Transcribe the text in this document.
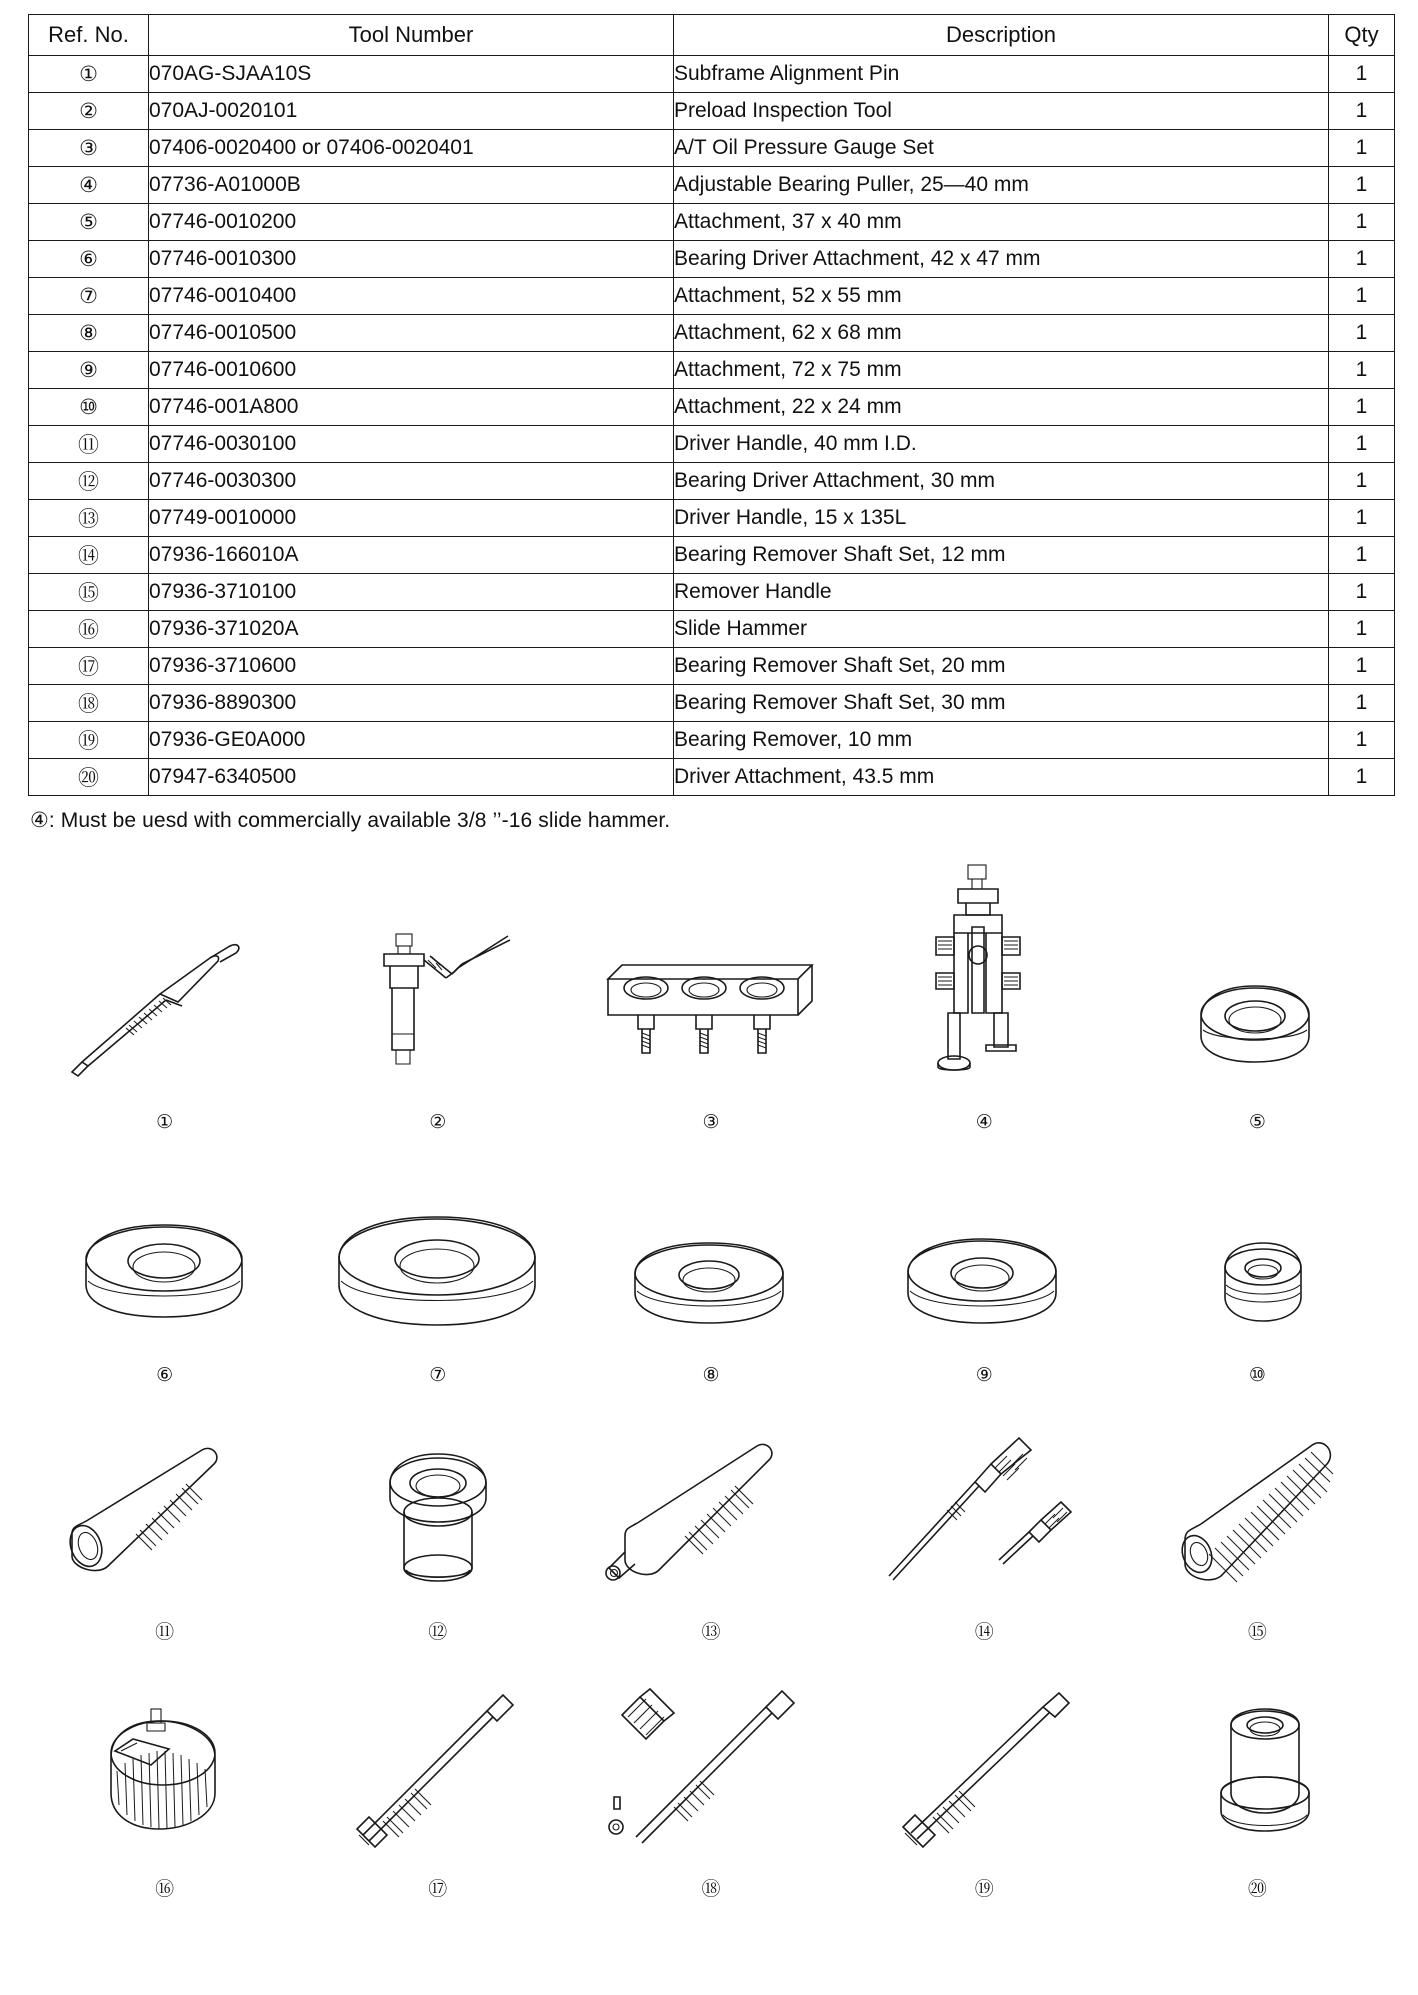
Ref. No.	Tool Number	Description	Qty
①	070AG-SJAA10S	Subframe Alignment Pin	1
②	070AJ-0020101	Preload Inspection Tool	1
③	07406-0020400 or 07406-0020401	A/T Oil Pressure Gauge Set	1
④	07736-A01000B	Adjustable Bearing Puller, 25—40 mm	1
⑤	07746-0010200	Attachment, 37 x 40 mm	1
⑥	07746-0010300	Bearing Driver Attachment, 42 x 47 mm	1
⑦	07746-0010400	Attachment, 52 x 55 mm	1
⑧	07746-0010500	Attachment, 62 x 68 mm	1
⑨	07746-0010600	Attachment, 72 x 75 mm	1
⑩	07746-001A800	Attachment, 22 x 24 mm	1
⑪	07746-0030100	Driver Handle, 40 mm I.D.	1
⑫	07746-0030300	Bearing Driver Attachment, 30 mm	1
⑬	07749-0010000	Driver Handle, 15 x 135L	1
⑭	07936-166010A	Bearing Remover Shaft Set, 12 mm	1
⑮	07936-3710100	Remover Handle	1
⑯	07936-371020A	Slide Hammer	1
⑰	07936-3710600	Bearing Remover Shaft Set, 20 mm	1
⑱	07936-8890300	Bearing Remover Shaft Set, 30 mm	1
⑲	07936-GE0A000	Bearing Remover, 10 mm	1
⑳	07947-6340500	Driver Attachment, 43.5 mm	1
④: Must be uesd with commercially available 3/8 ’’-16 slide hammer.
①	②	③	④	⑤
⑥	⑦	⑧	⑨	⑩
⑪	⑫	⑬	⑭	⑮
⑯	⑰	⑱	⑲	⑳
